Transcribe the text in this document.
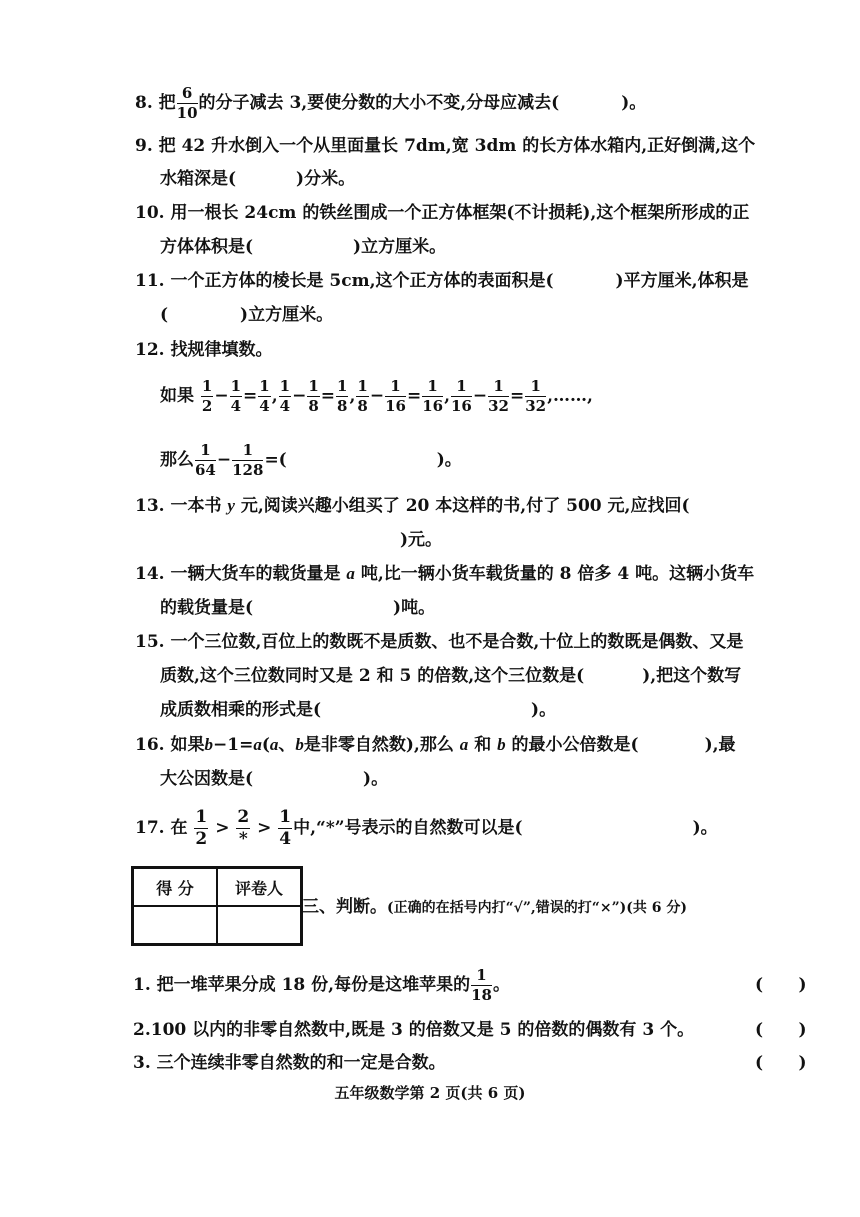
8. 把 $\frac{6}{10}$ 的分子减去 3,要使分数的大小不变,分母应减去(	)。
9. 把 42 升水倒入一个从里面量长 7dm,宽 3dm 的长方体水箱内,正好倒满,这个
水箱深是(	)分米。
10. 用一根长 24cm 的铁丝围成一个正方体框架(不计损耗),这个框架所形成的正
方体体积是(	)立方厘米。
11. 一个正方体的棱长是 5cm,这个正方体的表面积是(	)平方厘米,体积是
(	)立方厘米。
12. 找规律填数。
如果 $\frac{1}{2} - \frac{1}{4} = \frac{1}{4}$ , $\frac{1}{4} - \frac{1}{8} = \frac{1}{8}$ , $\frac{1}{8} - \frac{1}{16} = \frac{1}{16}$ , $\frac{1}{16} - \frac{1}{32} = \frac{1}{32}$ ,……,
那么 $\frac{1}{64} - \frac{1}{128}$ =(	)。
13. 一本书 y 元,阅读兴趣小组买了 20 本这样的书,付了 500 元,应找回(
)元。
14. 一辆大货车的载货量是 a 吨,比一辆小货车载货量的 8 倍多 4 吨。这辆小货车
的载货量是(	)吨。
15. 一个三位数,百位上的数既不是质数、也不是合数,十位上的数既是偶数、又是
质数,这个三位数同时又是 2 和 5 的倍数,这个三位数是(	),把这个数写
成质数相乘的形式是(	)。
16. 如果b−1=a(a、b是非零自然数),那么 a 和 b 的最小公倍数是(	),最
大公因数是(	)。
17. 在 $\frac{1}{2} > \frac{2}{*} > \frac{1}{4}$ 中,“*”号表示的自然数可以是(	)。
得 分	评卷人

三、判断。(正确的在括号内打“√”,错误的打“×”)(共 6 分)
1. 把一堆苹果分成 18 份,每份是这堆苹果的 $\frac{1}{18}$ 。	(      )
2.100 以内的非零自然数中,既是 3 的倍数又是 5 的倍数的偶数有 3 个。	(      )
3. 三个连续非零自然数的和一定是合数。	(      )
五年级数学第 2 页(共 6 页)
